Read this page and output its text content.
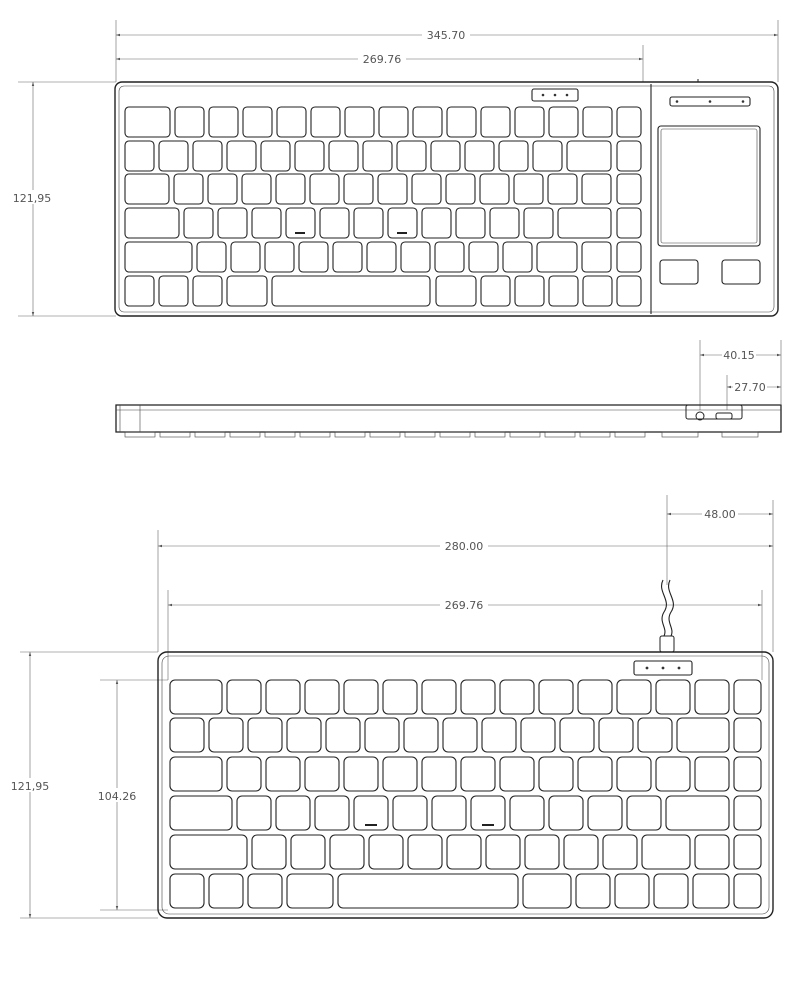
345.70
269.76
121,95
40.15
27.70
48.00
280.00
269.76
121,95
104.26
